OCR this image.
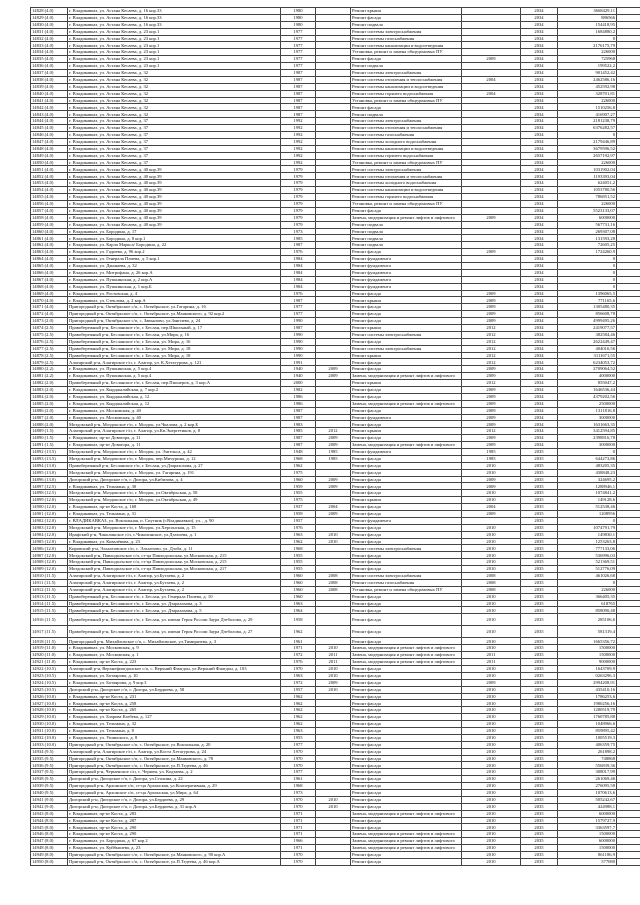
14828 (4.0)	г. Владикавказ, ул. Астана Кесаева, д. 16 кор.33	1980		Ремонт крыши		2034	3668429,11	
14829 (4.0)	г. Владикавказ, ул. Астана Кесаева, д. 16 кор.33	1980		Ремонт фасада		2034	886566	
14830 (4.0)	г. Владикавказ, ул. Астана Кесаева, д. 16 кор.33	1980		Ремонт подвала		2034	154418,95	
14831 (4.0)	г. Владикавказ, ул. Астана Кесаева, д. 23 кор.1	1977		Ремонт системы электроснабжения		2034	1684880,2	
14832 (4.0)	г. Владикавказ, ул. Астана Кесаева, д. 23 кор.1	1977		Ремонт системы газоснабжения		2034	0	
14833 (4.0)	г. Владикавказ, ул. Астана Кесаева, д. 23 кор.1	1977		Ремонт системы канализации и водоотведения		2034	2176175,79	
14834 (4.0)	г. Владикавказ, ул. Астана Кесаева, д. 23 кор.1	1977		Установка, ремонт и замена общедомовых ПУ		2034	226000	
14835 (4.0)	г. Владикавказ, ул. Астана Кесаева, д. 23 кор.1	1977		Ремонт фасада	2009	2034	725968	
14836 (4.0)	г. Владикавказ, ул. Астана Кесаева, д. 23 кор.1	1977		Ремонт подвала		2034	199522,2	
14837 (4.0)	г. Владикавказ, ул. Астана Кесаева, д. 32	1987		Ремонт системы электроснабжения		2034	901452,42	
14838 (4.0)	г. Владикавказ, ул. Астана Кесаева, д. 32	1987		Ремонт системы отопления и теплоснабжения	2004	2034	2462586,16	
14839 (4.0)	г. Владикавказ, ул. Астана Кесаева, д. 32	1987		Ремонт системы канализации и водоотведения		2034	452592,98	
14840 (4.0)	г. Владикавказ, ул. Астана Кесаева, д. 32	1987		Ремонт системы горячего водоснабжения	2004	2034	328701,81	
14841 (4.0)	г. Владикавказ, ул. Астана Кесаева, д. 32	1987		Установка, ремонт и замена общедомовых ПУ		2034	226000	
14842 (4.0)	г. Владикавказ, ул. Астана Кесаева, д. 32	1987		Ремонт фасада		2034	1510256,8	
14843 (4.0)	г. Владикавказ, ул. Астана Кесаева, д. 32	1987		Ремонт подвала		2034	416907,27	
14844 (4.0)	г. Владикавказ, ул. Астана Кесаева, д. 37	1992		Ремонт системы электроснабжения		2034	2181238,79	
14845 (4.0)	г. Владикавказ, ул. Астана Кесаева, д. 37	1992		Ремонт системы отопления и теплоснабжения		2034	6376282,57	
14846 (4.0)	г. Владикавказ, ул. Астана Кесаева, д. 37	1992		Ремонт системы газоснабжения		2034	0	
14847 (4.0)	г. Владикавказ, ул. Астана Кесаева, д. 37	1992		Ремонт системы холодного водоснабжения		2034	2179446,89	
14848 (4.0)	г. Владикавказ, ул. Астана Кесаева, д. 37	1992		Ремонт системы канализации и водоотведения		2034	3679596,52	
14849 (4.0)	г. Владикавказ, ул. Астана Кесаева, д. 37	1992		Ремонт системы горячего водоснабжения		2034	2657192,97	
14850 (4.0)	г. Владикавказ, ул. Астана Кесаева, д. 37	1992		Установка, ремонт и замена общедомовых ПУ		2034	226000	
14851 (4.0)	г. Владикавказ, ул. Астана Кесаева, д. 40 кор.39	1979		Ремонт системы электроснабжения		2034	1031902,04	
14852 (4.0)	г. Владикавказ, ул. Астана Кесаева, д. 40 кор.39	1979		Ремонт системы отопления и теплоснабжения		2034	1193393,04	
14853 (4.0)	г. Владикавказ, ул. Астана Кесаева, д. 40 кор.39	1979		Ремонт системы холодного водоснабжения		2034	624051,2	
14854 (4.0)	г. Владикавказ, ул. Астана Кесаева, д. 40 кор.39	1979		Ремонт системы канализации и водоотведения		2034	1053780,56	
14855 (4.0)	г. Владикавказ, ул. Астана Кесаева, д. 40 кор.39	1979		Ремонт системы горячего водоснабжения		2034	786851,52	
14856 (4.0)	г. Владикавказ, ул. Астана Кесаева, д. 40 кор.39	1979		Установка, ремонт и замена общедомовых ПУ		2034	226000	
14857 (4.0)	г. Владикавказ, ул. Астана Кесаева, д. 40 кор.39	1979		Ремонт фасада		2034	5523133,07	
14858 (4.0)	г. Владикавказ, ул. Астана Кесаева, д. 40 кор.39	1979		Замена, модернизация и ремонт лифтов и лифтового	2009	2034	6000000	
14859 (4.0)	г. Владикавказ, ул. Астана Кесаева, д. 40 кор.39	1979		Ремонт подвала		2034	567731,16	
14860 (4.0)	г. Владикавказ, ул. Бородина, д. 17	1973		Ремонт подвала		2034	269307,08	
14861 (4.0)	г. Владикавказ, ул. Бородина, д. 8 кор.1	1985		Ремонт подвала		2034	131593,28	
14862 (4.0)	г. Владикавказ, ул. Карла Маркса/ Бородина, д. 22	1987		Ремонт подвала		2034	72605,25	
14863 (4.0)	г. Владикавказ, ул. Гадиева, д. 96 кор.2	1976		Ремонт фасада	2009	2034	1724260,9	
14864 (4.0)	г. Владикавказ, ул. Генерала Плиева, д. 5 кор.1	1984		Ремонт фундамента		2034	0	
14865 (4.0)	г. Владикавказ, ул. Джанаева, д. 32	1984		Ремонт фундамента		2034	0	
14866 (4.0)	г. Владикавказ, ул. Митрофана, д. 26 кор.А	1984		Ремонт фундамента		2034	0	
14867 (4.0)	г. Владикавказ, ул. Пушкинская, д. 2 кор.А	1984		Ремонт фундамента		2034	0	
14868 (4.0)	г. Владикавказ, ул. Пушкинская, д. 1 кор.Б	1984		Ремонт фундамента		2034	0	
14869 (4.0)	г. Владикавказ, ул. Ростовская, д. 4	1976		Ремонт фасада	2009	2034	1396065,5	
14870 (4.0)	г. Владикавказ, ул. Стеклова, д. 2 кор.А	1987		Ремонт крыши	2009	2034	771165,6	
14871 (4.0)	Пригородный р-н, Октябрьское с/п, с. Октябрьское, ул.Гагарина, д. 16	1977		Ремонт фасада	2009	2034	1305480,35	
14872 (4.0)	Пригородный р-н, Октябрьское с/п, с. Октябрьское, ул.Маяковского, д. 92 кор.2	1977		Ремонт фасада	2009	2034	856608,78	
14873 (2.0)	Пригородный р-н, Октябрьское с/п, с. Завьялово, ул.Зангиева, д. 24	1990		Ремонт фасада	2009	2034	4999495,26	
14874 (2.5)	Правобережный р-н, Бесланское г/п, г. Беслан, пер.Школьный, д. 17	1987		Ремонт крыши	2012	2034	2419077,57	
14875 (2.5)	Правобережный р-н, Бесланское г/п, г. Беслан, ул.Мира, д. 16	1990		Ремонт системы электроснабжения	2012	2034	382584,46	
14876 (2.5)	Правобережный р-н, Бесланское г/п, г. Беслан, ул. Мира, д. 16	1990		Ремонт фасада	2012	2034	2622449,47	
14877 (2.5)	Правобережный р-н, Бесланское г/п, г. Беслан, ул. Мира, д. 18	1990		Ремонт системы электроснабжения	2012	2034	404016,56	
14878 (2.5)	Правобережный р-н, Бесланское г/п, г. Беслан, ул. Мира, д. 18	1990		Ремонт крыши	2012	2034	3111671,55	
14879 (2.5)	Алагирский р-н, Алагирское г/п, г. Алагир, ул. К.Хетагурова, д. 121	1991		Ремонт фасада	2012	2034	6234053,72	
14880 (2.2)	г. Владикавказ, ул. Пушкинская, д. 5 кор.4	1940	2009	Ремонт фасада	2009	2034	2709064,52	
14881 (2.2)	г. Владикавказ, ул. Пушкинская, д. 5 кор.4	1940	2009	Замена, модернизация и ремонт лифтов и лифтового	2009	2034	4000000	
14882 (2.0)	Правобережный р-н, Бесланское г/п, г. Беслан, пер.Пионеров, д. 3 кор.А	2000		Ремонт крыши	2012	2034	855047,2	
14883 (2.0)	г. Владикавказ, ул. Кырджалийская, д. 7 кор.2	1982		Ремонт фасада	2009	2034	1646536,44	
14884 (2.0)	г. Владикавказ, ул. Кырджалийская, д. 12	1986		Ремонт фасада	2009	2034	4379202,56	
14885 (2.0)	г. Владикавказ, ул. Кырджалийская, д. 12	1986		Замена, модернизация и ремонт лифтов и лифтового	2009	2034	2500000	
14886 (2.0)	г. Владикавказ, ул. Московская, д. 40	1987		Ремонт фасада	2009	2034	1311816,8	
14887 (2.0)	г. Владикавказ, ул. Московская, д. 40	1987		Ремонт фундамента	2009	2034	3000000	
14888 (2.0)	Моздокский р-н, Моздокское г/п, г. Моздок, ул.Чкалова, д. 2 кор.Б	1983		Ремонт фасада	2009	2034	1631663,35	
14889 (1.5)	Алагирский р-н, Алагирское г/п, г. Алагир, ул.Кв.Энергетиков, д. 8	1985	2012	Ремонт крыши	2012	2034	3412594,85	
14890 (1.5)	г. Владикавказ, пр-кт Доватора, д. 11	1987	2009	Ремонт фасада	2009	2034	2398816,78	
14891 (1.5)	г. Владикавказ, пр-кт Доватора, д. 11	1987	2009	Замена, модернизация и ремонт лифтов и лифтового	2009	2034	3000000	
14892 (13.5)	Моздокский р-н, Моздокское г/п, г. Моздок, ул. Энгельса, д. 42	1948	1985	Ремонт фундамента	1985	2035	0	
14893 (13.5)	Моздокский р-н, Моздокское г/п, г. Моздок, пер.Мичурина, д. 12	1968	1985	Ремонт фасада	1985	2035	644273,86	
14894 (13.0)	Правобережный р-н, Бесланское г/п, г. Беслан, ул.Дзарахохова, д. 27	1962		Ремонт фасада	2010	2035	483205,35	
14895 (13.0)	Моздокский р-н, Моздокское г/п, г. Моздок, ул. Гагарина, д. 191	1975		Ремонт фасада	2010	2035	438848,23	
14896 (13.0)	Дигорский р-н, Дигорское г/п, г. Дигора, ул.Кибизова, д. 4	1960	2009	Ремонт фасада	2009	2035	324695,2	
14897 (12.5)	г. Владикавказ, ул. Тельмана, д. 30	1959	2009	Ремонт фасада	2009	2035	1288946,1	
14898 (12.5)	Моздокский р-н, Моздокское г/п, г. Моздок, ул.Октябрьская, д. 58	1955		Ремонт фасада	2010	2035	1074841,2	
14899 (12.0)	Моздокский р-н, Моздокское г/п, г. Моздок, ул.Октябрьская, д. 49	1975		Ремонт крыши	2010	2035	149128,6	
14900 (12.0)	г. Владикавказ, пр-кт Коста, д. 168	1937	2004	Ремонт фасада	2004	2035	512538,46	
14901 (12.0)	г. Владикавказ, ул. Тельмана, д. 31	1958	2009	Ремонт фасада	2009	2035	1208956	
14902 (12.0)	г. ВЛАДИКАВКАЗ, ул. Вокзальная, п. Спутник (г.Владикавказ), ул. , д. 90	1957		Ремонт фундамента		2035	0	
14903 (12.0)	Моздокский р-н, Моздокское г/п, г. Моздок, ул.Херсонская, д. 15	1976		Ремонт фасада	2010	2035	1074791,79	
14904 (12.0)	Ирафский р-н, Чиколинское с/п, с.Чиколинское, ул.Дзахоева, д. 1	1963	2010	Ремонт фасада	2010	2035	149830,1	
14905 (12.0)	г. Владикавказ, ул. Ковалёвова, д. 23	1962	2010	Ремонт фасада	2010	2035	1253263,8	
14906 (12.0)	Кировский р-н, Эльхотовское с/п, с. Эльхотово, ул. Дзоба, д. 11	1968		Ремонт системы электроснабжения	2010	2035	777133,06	
14907 (12.0)	Моздокский р-н, Павлодольское с/п, ст-ца Павлодольская, ул.Московская, д. 215	1955		Ремонт фасада	2010	2035	536996,03	
14908 (12.0)	Моздокский р-н, Павлодольское с/п, ст-ца Павлодольская, ул.Московская, д. 215	1955		Ремонт фасада	2010	2035	521369,51	
14909 (12.0)	Моздокский р-н, Павлодольское с/п, ст-ца Павлодольская, ул.Московская, д. 217	1955		Ремонт фасада	2010	2035	512776,09	
14910 (11.5)	Алагирский р-н, Алагирское г/п, г. Алагир, ул.Бутаева, д. 2	1960	2008	Ремонт системы электроснабжения	2008	2035	461026,68	
14911 (11.5)	Алагирский р-н, Алагирское г/п, г. Алагир, ул.Бутаева, д. 2	1960	2008	Ремонт системы газоснабжения	2008	2035	0	
14912 (11.5)	Алагирский р-н, Алагирское г/п, г. Алагир, ул.Бутаева, д. 2	1960	2008	Установка, ремонт и замена общедомовых ПУ	2008	2035	226000	
14913 (11.5)	Правобережный р-н, Бесланское г/п, г. Беслан, ул. Генерала Плиева, д. 10	1960		Ремонт фасада	2010	2035	366405,35	
14914 (11.5)	Правобережный р-н, Бесланское г/п, г. Беслан, ул. Дзарахохова, д. 3	1963		Ремонт фасада	2010	2035	618765	
14915 (11.5)	Правобережный р-н, Бесланское г/п, г. Беслан, ул. Дзарахохова, д. 5	1964		Ремонт фасада	2010	2035	858090,48	
14916 (11.5)	Правобережный р-н, Бесланское г/п, г. Беслан, ул. имени Героя России Заура Дзеболова, д. 29	1958		Ремонт фасада	2010	2035	285106,6	
14917 (11.5)	Правобережный р-н, Бесланское г/п, г. Беслан, ул. имени Героя России Заура Дзеболова, д. 27	1962		Ремонт фасада	2010	2035	581319,4	
14918 (11.5)	Пригородный р-н, Михайловское с/п, с. Михайловское, ул.Тимирязева, д. 3	1961		Ремонт фасада	2010	2035	1665356,72	
14919 (11.0)	г. Владикавказ, ул. Московская, д. 9	1971	2010	Замена, модернизация и ремонт лифтов и лифтового	2010	2035	1500000	
14920 (11.0)	г. Владикавказ, ул. Московская, д. 1	1972	2011	Замена, модернизация и ремонт лифтов и лифтового	2011	2035	1500000	
14921 (11.0)	г. Владикавказ, пр-кт Коста, д. 223	1976	2011	Замена, модернизация и ремонт лифтов и лифтового	2011	2035	9000000	
14922 (10.5)	Алагирский р-н, Верхнефиагдонское с/п, с. Верхний Фиагдон, ул.Верхний Фиагдон, д. 103	1970	2010	Ремонт фасада	2010	2035	1643709,9	
14923 (10.5)	г. Владикавказ, ул. Ботаярова, д. 10	1963	2010	Ремонт фасада	2010	2035	0263296,3	
14924 (10.5)	г. Владикавказ, ул. Ботаярова, д. 9 кор.3	1972	2009	Ремонт фасада	2009	2035	2994208,91	
14925 (10.5)	Дигорский р-н, Дигорское г/п, г. Дигора, ул.Бердиева, д. 58	1957	2010	Ремонт фасада	2010	2035	435410,16	
14926 (10.0)	г. Владикавказ, пр-кт Коста, д. 231	1962		Ремонт фасада	2010	2035	1786253,6	
14927 (10.0)	г. Владикавказ, пр-кт Коста, д. 258	1962		Ремонт фасада	2010	2035	1980256,16	
14928 (10.0)	г. Владикавказ, пр-кт Коста, д. 265	1962		Ремонт фасада	2010	2035	1280519,79	
14929 (10.0)	г. Владикавказ, ул. Бзарова Казбека, д. 127	1962		Ремонт фасада	2010	2035	1760785,88	
14930 (10.0)	г. Владикавказ, ул. Тельмана, д. 32	1962		Ремонт фасада	2010	2035	1048966,6	
14931 (10.0)	г. Владикавказ, ул. Тельмана, д. 8	1963		Ремонт фасада	2010	2035	859895,42	
14932 (10.0)	г. Владикавказ, ул. Ушинского, д. 8	1955		Ремонт фасада	2010	2035	1005519,3	
14933 (10.0)	Пригородный р-н, Октябрьское с/п, с. Октябрьское, ул.Вокзальная, д. 20	1977		Ремонт фасада	2010	2035	406359,75	
14934 (9.5)	Алагирский р-н, Алагирское г/п, г. Алагир, ул.Коста Хетагурова, д. 24	1970		Ремонт фасада	2010	2035	261898,2	
14935 (9.5)	Пригородный р-н, Октябрьское с/п, с. Октябрьское, ул.Маяковского, д. 78	1970		Ремонт фасада	2010	2035	748868	
14936 (9.5)	Пригородный р-н, Октябрьское с/п, с. Октябрьское, ул.П.Тедеева, д. 46	1970		Ремонт фасада	2010	2035	556839,36	
14937 (9.5)	Пригородный р-н, Черменское с/п, с. Чермен, ул. Кодзаева, д. 2	1977		Ремонт фасада	2010	2035	308017,99	
14938 (9.5)	Дигорский р-н, Дигорское г/п, г. Дигора, ул.Сталина, д. 22	1961		Ремонт фасада	2010	2035	261069,46	
14939 (9.5)	Пригородный р-н, Архонское с/п, ст-ца Архонская, ул.Кооперативная, д. 29	1968		Ремонт фасада	2010	2035	276095,58	
14940 (9.5)	Пригородный р-н, Архонское с/п, ст-ца Архонская, ул.Мира, д. 64	1973		Ремонт фасада	2010	2035	1070613,6	
14941 (9.0)	Дигорский р-н, Дигорское г/п, г. Дигора, ул.Бердиева, д. 29	1970	2010	Ремонт фасада	2010	2035	505242,67	
14942 (9.0)	Дигорский р-н, Дигорское г/п, г. Дигора, ул.Бердиева, д. 31 кор.А	1970	2010	Ремонт фасада	2010	2035	424988,1	
14943 (8.0)	г. Владикавказ, пр-кт Коста, д. 283	1971		Замена, модернизация и ремонт лифтов и лифтового	2010	2035	6000000	
14944 (8.0)	г. Владикавказ, пр-кт Коста, д. 287	1971		Ремонт фасада	2010	2035	1579727,9	
14945 (8.0)	г. Владикавказ, пр-кт Коста, д. 290	1971		Ремонт фасада	2010	2035	3363597,7	
14946 (8.0)	г. Владикавказ, пр-кт Коста, д. 290	1971		Замена, модернизация и ремонт лифтов и лифтового	2010	2035	1500000	
14947 (8.0)	г. Владикавказ, ул. Бородина, д. 67 кор.2	1966		Замена, модернизация и ремонт лифтов и лифтового	2010	2035	6000000	
14948 (8.0)	г. Владикавказ, ул. Куйбышева, д. 23	1971		Замена, модернизация и ремонт лифтов и лифтового	2010	2035	1500000	
14949 (8.0)	Пригородный р-н, Октябрьское с/п, с. Октябрьское, ул.Маяковского, д. 90 кор.А	1970		Ремонт фасада	2010	2035	861186,9	
14950 (8.0)	Пригородный р-н, Октябрьское с/п, с. Октябрьское, ул.П.Тедеева, д. 46 кор.А	1970		Ремонт фасада	2010	2035	577080	
